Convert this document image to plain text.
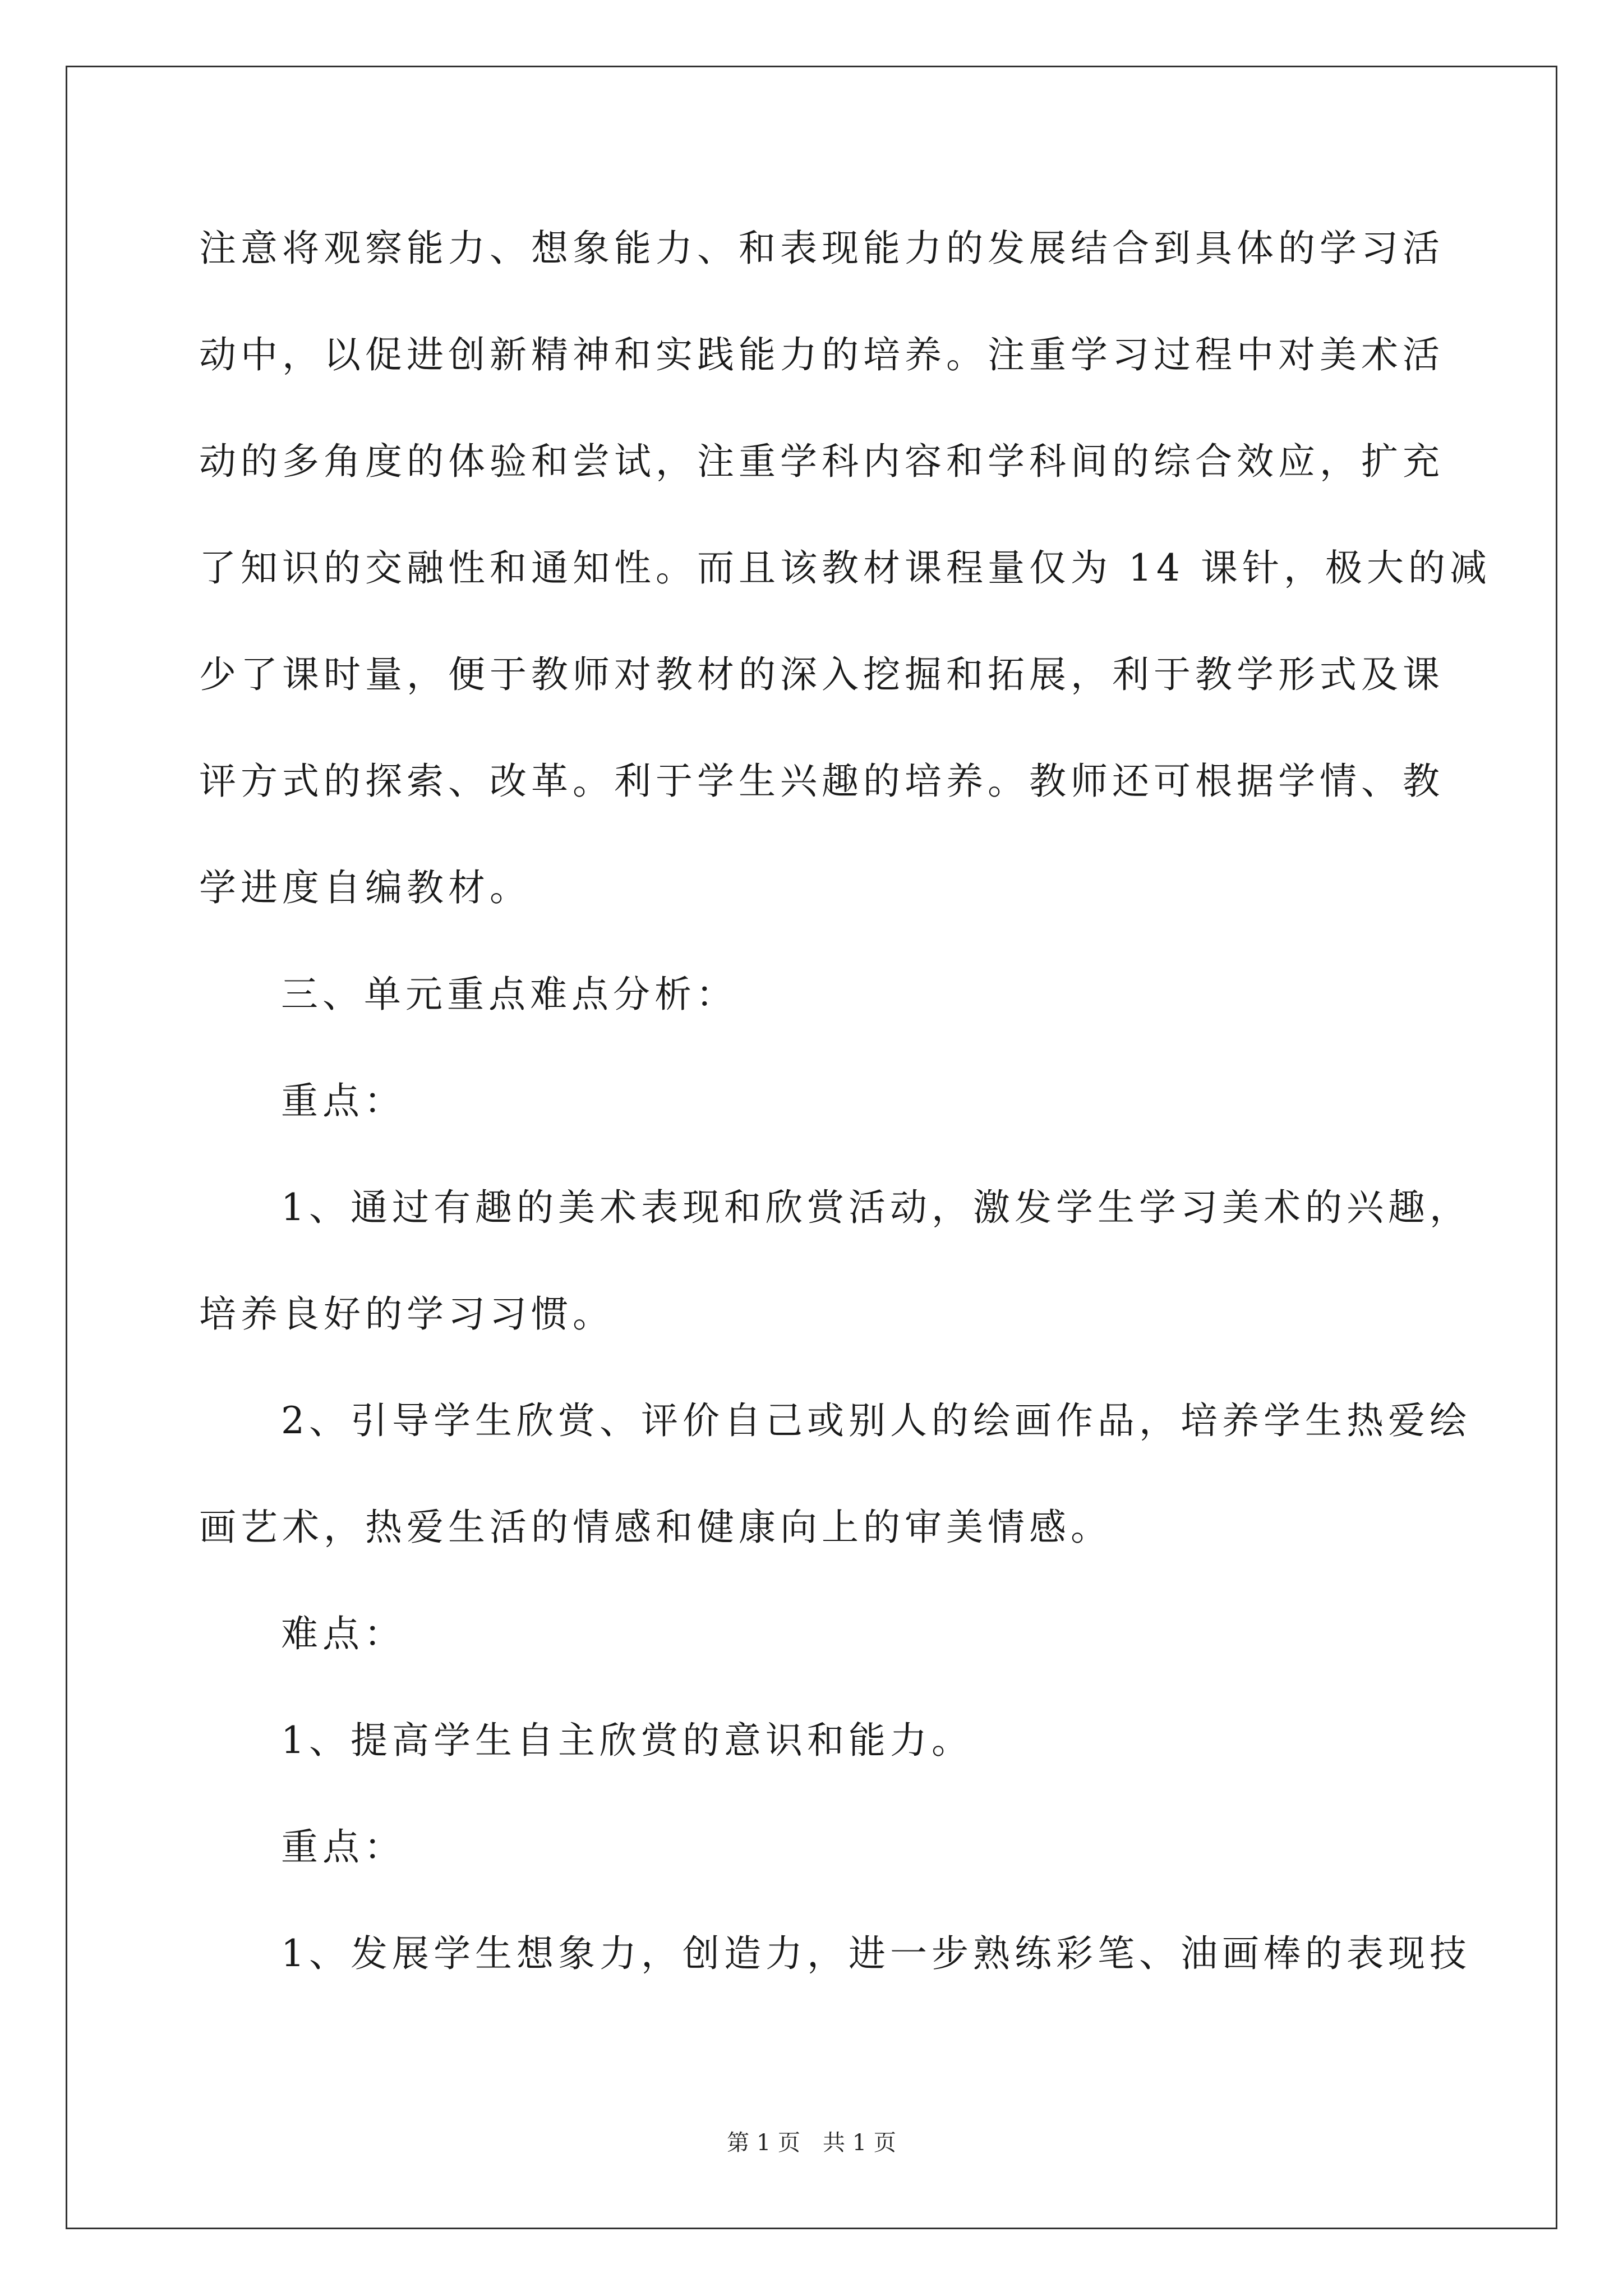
注意将观察能力、想象能力、和表现能力的发展结合到具体的学习活
动中，以促进创新精神和实践能力的培养。注重学习过程中对美术活
动的多角度的体验和尝试，注重学科内容和学科间的综合效应，扩充
了知识的交融性和通知性。而且该教材课程量仅为 14 课针，极大的减
少了课时量，便于教师对教材的深入挖掘和拓展，利于教学形式及课
评方式的探索、改革。利于学生兴趣的培养。教师还可根据学情、教
学进度自编教材。
三、单元重点难点分析：
重点：
1、通过有趣的美术表现和欣赏活动，激发学生学习美术的兴趣，
培养良好的学习习惯。
2、引导学生欣赏、评价自己或别人的绘画作品，培养学生热爱绘
画艺术，热爱生活的情感和健康向上的审美情感。
难点：
1、提高学生自主欣赏的意识和能力。
重点：
1、发展学生想象力，创造力，进一步熟练彩笔、油画棒的表现技
第 1 页　共 1 页
